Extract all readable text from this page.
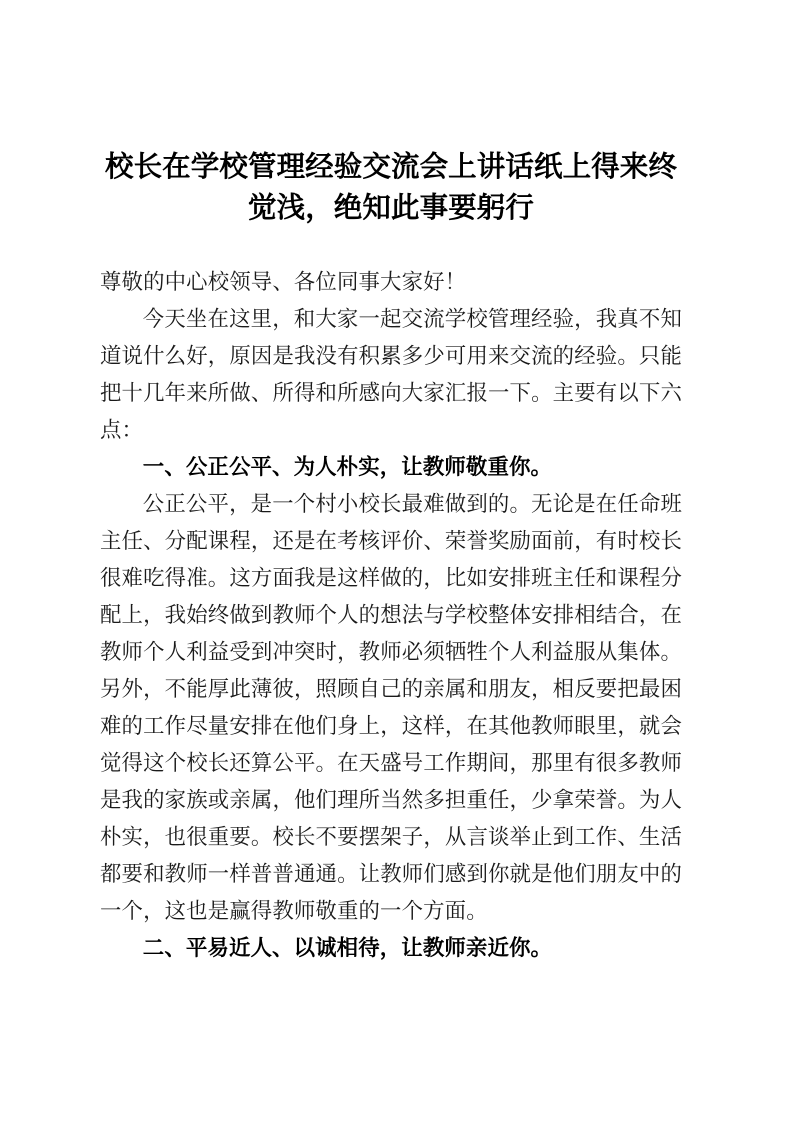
校长在学校管理经验交流会上讲话纸上得来终觉浅，绝知此事要躬行

尊敬的中心校领导、各位同事大家好！

今天坐在这里，和大家一起交流学校管理经验，我真不知道说什么好，原因是我没有积累多少可用来交流的经验。只能把十几年来所做、所得和所感向大家汇报一下。主要有以下六点：

一、公正公平、为人朴实，让教师敬重你。

公正公平，是一个村小校长最难做到的。无论是在任命班主任、分配课程，还是在考核评价、荣誉奖励面前，有时校长很难吃得准。这方面我是这样做的，比如安排班主任和课程分配上，我始终做到教师个人的想法与学校整体安排相结合，在教师个人利益受到冲突时，教师必须牺牲个人利益服从集体。另外，不能厚此薄彼，照顾自己的亲属和朋友，相反要把最困难的工作尽量安排在他们身上，这样，在其他教师眼里，就会觉得这个校长还算公平。在天盛号工作期间，那里有很多教师是我的家族或亲属，他们理所当然多担重任，少拿荣誉。为人朴实，也很重要。校长不要摆架子，从言谈举止到工作、生活都要和教师一样普普通通。让教师们感到你就是他们朋友中的一个，这也是赢得教师敬重的一个方面。

二、平易近人、以诚相待，让教师亲近你。
